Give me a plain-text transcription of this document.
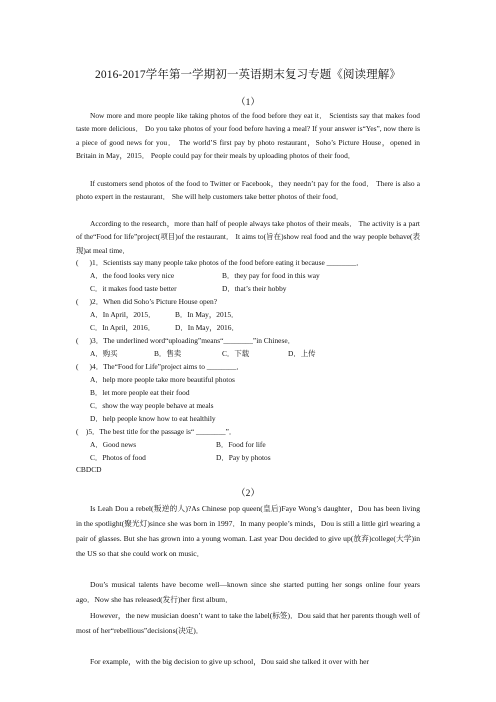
2016-2017学年第一学期初一英语期末复习专题《阅读理解》
（1）

Now more and more people like taking photos of the food before they eat it． Scientists say that makes food taste more delicious． Do you take photos of your food before having a meal? If your answer is“Yes”, now there is a piece of good news for you． The world’S first pay by photo restaurant，Soho’s Picture House，opened in Britain in May，2015． People could pay for their meals by uploading photos of their food．

If customers send photos of the food to Twitter or Facebook，they needn’t pay for the food． There is also a photo expert in the restaurant． She will help customers take better photos of their food．

According to the research，more than half of people always take photos of their meals． The activity is a part of the“Food for life”project(项目)of the restaurant． It aims to(旨在)show real food and the way people behave(表现)at meal time．

(      )1．Scientists say many people take photos of the food before eating it because ________．
A．the food looks very nice	B．they pay for food in this way
C．it makes food taste better	D．that’s their hobby
(      )2．When did Soho’s Picture House open?
A．In April，2015．	B．In May，2015．
C．In April，2016．	D．In May，2016．
(      )3．The underlined word“uploading”means“________”in Chinese．
A．购买	B．售卖	C．下载	D．上传
(      )4．The“Food for Life”project aims to ________．
A．help more people take more beautiful photos
B．let more people eat their food
C．show the way people behave at meals
D．help people know how to eat healthily
(    )5．The best title for the passage is“ ________”．
A．Good news	B．Food for life
C．Photos of food	D．Pay by photos
CBDCD
（2）

Is Leah Dou a rebel(叛逆的人)?As Chinese pop queen(皇后)Faye Wong’s daughter，Dou has been living in the spotlight(聚光灯)since she was born in 1997．In many people’s minds，Dou is still a little girl wearing a pair of glasses. But she has grown into a young woman. Last year Dou decided to give up(放弃)college(大学)in the US so that she could work on music．

Dou’s musical talents have become well—known since she started putting her songs online four years ago．Now she has released(发行)her first album．

However，the new musician doesn’t want to take the label(标签)．Dou said that her parents though well of most of her“rebellious”decisions(决定)．

For example，with the big decision to give up school，Dou said she talked it over with her
